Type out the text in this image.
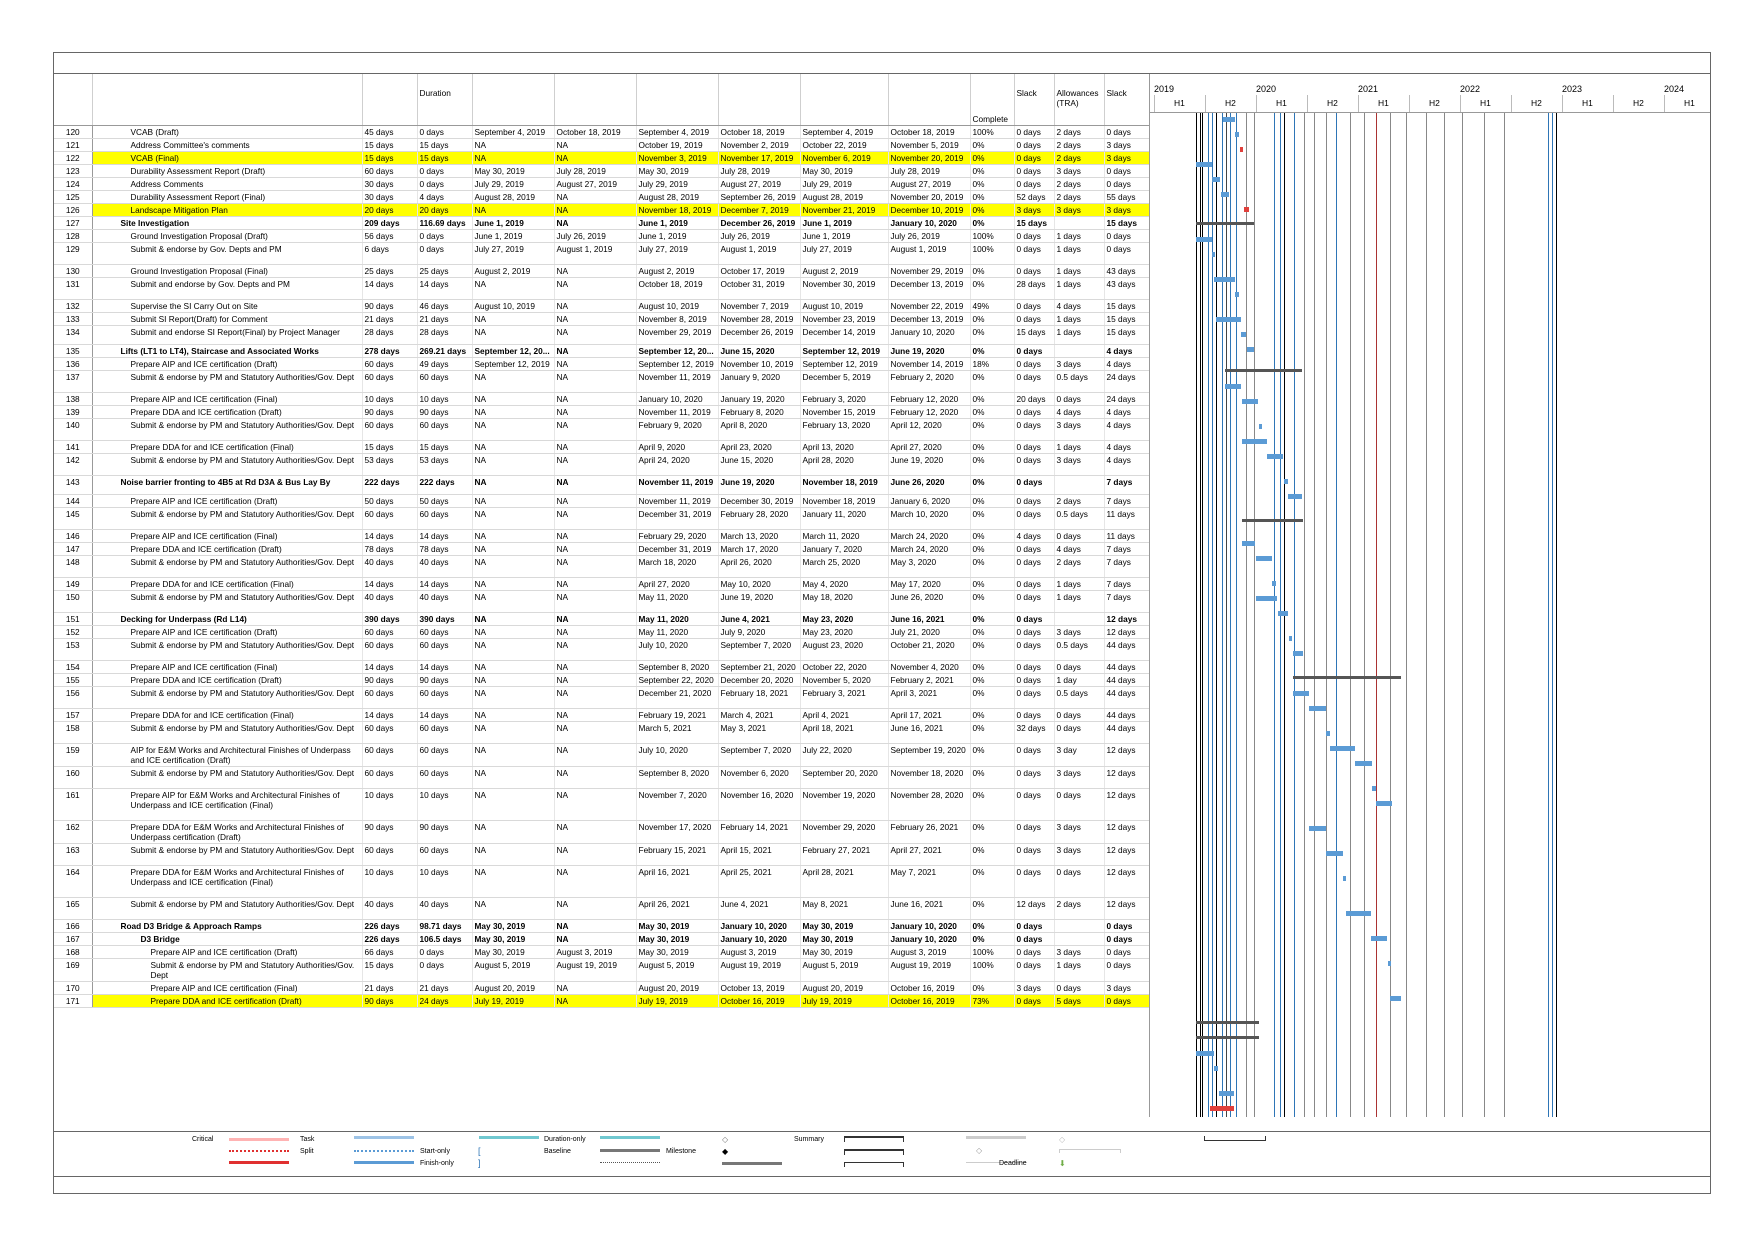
			Duration							Complete	Slack	Allowances (TRA)	Slack
120	VCAB (Draft)	45 days	0 days	September 4, 2019	October 18, 2019	September 4, 2019	October 18, 2019	September 4, 2019	October 18, 2019	100%	0 days	2 days	0 days
121	Address Committee's comments	15 days	15 days	NA	NA	October 19, 2019	November 2, 2019	October 22, 2019	November 5, 2019	0%	0 days	2 days	3 days
122	VCAB (Final)	15 days	15 days	NA	NA	November 3, 2019	November 17, 2019	November 6, 2019	November 20, 2019	0%	0 days	2 days	3 days
123	Durability Assessment Report (Draft)	60 days	0 days	May 30, 2019	July 28, 2019	May 30, 2019	July 28, 2019	May 30, 2019	July 28, 2019	0%	0 days	3 days	0 days
124	Address Comments	30 days	0 days	July 29, 2019	August 27, 2019	July 29, 2019	August 27, 2019	July 29, 2019	August 27, 2019	0%	0 days	2 days	0 days
125	Durability Assessment Report (Final)	30 days	4 days	August 28, 2019	NA	August 28, 2019	September 26, 2019	August 28, 2019	November 20, 2019	0%	52 days	2 days	55 days
126	Landscape Mitigation Plan	20 days	20 days	NA	NA	November 18, 2019	December 7, 2019	November 21, 2019	December 10, 2019	0%	3 days	3 days	3 days
127	Site Investigation	209 days	116.69 days	June 1, 2019	NA	June 1, 2019	December 26, 2019	June 1, 2019	January 10, 2020	0%	15 days		15 days
128	Ground Investigation Proposal (Draft)	56 days	0 days	June 1, 2019	July 26, 2019	June 1, 2019	July 26, 2019	June 1, 2019	July 26, 2019	100%	0 days	1 days	0 days
129	Submit & endorse by Gov. Depts and PM	6 days	0 days	July 27, 2019	August 1, 2019	July 27, 2019	August 1, 2019	July 27, 2019	August 1, 2019	100%	0 days	1 days	0 days
130	Ground Investigation Proposal (Final)	25 days	25 days	August 2, 2019	NA	August 2, 2019	October 17, 2019	August 2, 2019	November 29, 2019	0%	0 days	1 days	43 days
131	Submit and endorse by Gov. Depts and PM	14 days	14 days	NA	NA	October 18, 2019	October 31, 2019	November 30, 2019	December 13, 2019	0%	28 days	1 days	43 days
132	Supervise the SI Carry Out on Site	90 days	46 days	August 10, 2019	NA	August 10, 2019	November 7, 2019	August 10, 2019	November 22, 2019	49%	0 days	4 days	15 days
133	Submit SI Report(Draft) for Comment	21 days	21 days	NA	NA	November 8, 2019	November 28, 2019	November 23, 2019	December 13, 2019	0%	0 days	1 days	15 days
134	Submit and endorse SI Report(Final) by Project Manager	28 days	28 days	NA	NA	November 29, 2019	December 26, 2019	December 14, 2019	January 10, 2020	0%	15 days	1 days	15 days
135	Lifts (LT1 to LT4), Staircase and Associated Works	278 days	269.21 days	September 12, 20...	NA	September 12, 20...	June 15, 2020	September 12, 2019	June 19, 2020	0%	0 days		4 days
136	Prepare AIP and ICE certification (Draft)	60 days	49 days	September 12, 2019	NA	September 12, 2019	November 10, 2019	September 12, 2019	November 14, 2019	18%	0 days	3 days	4 days
137	Submit & endorse by PM and Statutory Authorities/Gov. Dept	60 days	60 days	NA	NA	November 11, 2019	January 9, 2020	December 5, 2019	February 2, 2020	0%	0 days	0.5 days	24 days
138	Prepare AIP and ICE certification (Final)	10 days	10 days	NA	NA	January 10, 2020	January 19, 2020	February 3, 2020	February 12, 2020	0%	20 days	0 days	24 days
139	Prepare DDA and ICE certification (Draft)	90 days	90 days	NA	NA	November 11, 2019	February 8, 2020	November 15, 2019	February 12, 2020	0%	0 days	4 days	4 days
140	Submit & endorse by PM and Statutory Authorities/Gov. Dept	60 days	60 days	NA	NA	February 9, 2020	April 8, 2020	February 13, 2020	April 12, 2020	0%	0 days	3 days	4 days
141	Prepare DDA for and ICE certification (Final)	15 days	15 days	NA	NA	April 9, 2020	April 23, 2020	April 13, 2020	April 27, 2020	0%	0 days	1 days	4 days
142	Submit & endorse by PM and Statutory Authorities/Gov. Dept	53 days	53 days	NA	NA	April 24, 2020	June 15, 2020	April 28, 2020	June 19, 2020	0%	0 days	3 days	4 days
143	Noise barrier fronting to 4B5 at Rd D3A & Bus Lay By	222 days	222 days	NA	NA	November 11, 2019	June 19, 2020	November 18, 2019	June 26, 2020	0%	0 days		7 days
144	Prepare AIP and ICE certification (Draft)	50 days	50 days	NA	NA	November 11, 2019	December 30, 2019	November 18, 2019	January 6, 2020	0%	0 days	2 days	7 days
145	Submit & endorse by PM and Statutory Authorities/Gov. Dept	60 days	60 days	NA	NA	December 31, 2019	February 28, 2020	January 11, 2020	March 10, 2020	0%	0 days	0.5 days	11 days
146	Prepare AIP and ICE certification (Final)	14 days	14 days	NA	NA	February 29, 2020	March 13, 2020	March 11, 2020	March 24, 2020	0%	4 days	0 days	11 days
147	Prepare DDA and ICE certification (Draft)	78 days	78 days	NA	NA	December 31, 2019	March 17, 2020	January 7, 2020	March 24, 2020	0%	0 days	4 days	7 days
148	Submit & endorse by PM and Statutory Authorities/Gov. Dept	40 days	40 days	NA	NA	March 18, 2020	April 26, 2020	March 25, 2020	May 3, 2020	0%	0 days	2 days	7 days
149	Prepare DDA for and ICE certification (Final)	14 days	14 days	NA	NA	April 27, 2020	May 10, 2020	May 4, 2020	May 17, 2020	0%	0 days	1 days	7 days
150	Submit & endorse by PM and Statutory Authorities/Gov. Dept	40 days	40 days	NA	NA	May 11, 2020	June 19, 2020	May 18, 2020	June 26, 2020	0%	0 days	1 days	7 days
151	Decking for Underpass (Rd L14)	390 days	390 days	NA	NA	May 11, 2020	June 4, 2021	May 23, 2020	June 16, 2021	0%	0 days		12 days
152	Prepare AIP and ICE certification (Draft)	60 days	60 days	NA	NA	May 11, 2020	July 9, 2020	May 23, 2020	July 21, 2020	0%	0 days	3 days	12 days
153	Submit & endorse by PM and Statutory Authorities/Gov. Dept	60 days	60 days	NA	NA	July 10, 2020	September 7, 2020	August 23, 2020	October 21, 2020	0%	0 days	0.5 days	44 days
154	Prepare AIP and ICE certification (Final)	14 days	14 days	NA	NA	September 8, 2020	September 21, 2020	October 22, 2020	November 4, 2020	0%	0 days	0 days	44 days
155	Prepare DDA and ICE certification (Draft)	90 days	90 days	NA	NA	September 22, 2020	December 20, 2020	November 5, 2020	February 2, 2021	0%	0 days	1 day	44 days
156	Submit & endorse by PM and Statutory Authorities/Gov. Dept	60 days	60 days	NA	NA	December 21, 2020	February 18, 2021	February 3, 2021	April 3, 2021	0%	0 days	0.5 days	44 days
157	Prepare DDA for and ICE certification (Final)	14 days	14 days	NA	NA	February 19, 2021	March 4, 2021	April 4, 2021	April 17, 2021	0%	0 days	0 days	44 days
158	Submit & endorse by PM and Statutory Authorities/Gov. Dept	60 days	60 days	NA	NA	March 5, 2021	May 3, 2021	April 18, 2021	June 16, 2021	0%	32 days	0 days	44 days
159	AIP for E&M Works and Architectural Finishes of Underpass and ICE certification (Draft)	60 days	60 days	NA	NA	July 10, 2020	September 7, 2020	July 22, 2020	September 19, 2020	0%	0 days	3 day	12 days
160	Submit & endorse by PM and Statutory Authorities/Gov. Dept	60 days	60 days	NA	NA	September 8, 2020	November 6, 2020	September 20, 2020	November 18, 2020	0%	0 days	3 days	12 days
161	Prepare AIP for E&M Works and Architectural Finishes of Underpass and ICE certification (Final)	10 days	10 days	NA	NA	November 7, 2020	November 16, 2020	November 19, 2020	November 28, 2020	0%	0 days	0 days	12 days
162	Prepare DDA for E&M Works and Architectural Finishes of Underpass certification (Draft)	90 days	90 days	NA	NA	November 17, 2020	February 14, 2021	November 29, 2020	February 26, 2021	0%	0 days	3 days	12 days
163	Submit & endorse by PM and Statutory Authorities/Gov. Dept	60 days	60 days	NA	NA	February 15, 2021	April 15, 2021	February 27, 2021	April 27, 2021	0%	0 days	3 days	12 days
164	Prepare DDA for E&M Works and Architectural Finishes of Underpass and ICE certification (Final)	10 days	10 days	NA	NA	April 16, 2021	April 25, 2021	April 28, 2021	May 7, 2021	0%	0 days	0 days	12 days
165	Submit & endorse by PM and Statutory Authorities/Gov. Dept	40 days	40 days	NA	NA	April 26, 2021	June 4, 2021	May 8, 2021	June 16, 2021	0%	12 days	2 days	12 days
166	Road D3 Bridge & Approach Ramps	226 days	98.71 days	May 30, 2019	NA	May 30, 2019	January 10, 2020	May 30, 2019	January 10, 2020	0%	0 days		0 days
167	D3 Bridge	226 days	106.5 days	May 30, 2019	NA	May 30, 2019	January 10, 2020	May 30, 2019	January 10, 2020	0%	0 days		0 days
168	Prepare AIP and ICE certification (Draft)	66 days	0 days	May 30, 2019	August 3, 2019	May 30, 2019	August 3, 2019	May 30, 2019	August 3, 2019	100%	0 days	3 days	0 days
169	Submit & endorse by PM and Statutory Authorities/Gov. Dept	15 days	0 days	August 5, 2019	August 19, 2019	August 5, 2019	August 19, 2019	August 5, 2019	August 19, 2019	100%	0 days	1 days	0 days
170	Prepare AIP and ICE certification (Final)	21 days	21 days	August 20, 2019	NA	August 20, 2019	October 13, 2019	August 20, 2019	October 16, 2019	0%	3 days	0 days	3 days
171	Prepare DDA and ICE certification (Draft)	90 days	24 days	July 19, 2019	NA	July 19, 2019	October 16, 2019	July 19, 2019	October 16, 2019	73%	0 days	5 days	0 days
2019	2020	2021	2022	2023	2024
H1	H2	H1	H2	H1	H2	H1	H2	H1	H2	H1
Critical	Task
Split	Start-only
Finish-only
[
]
Duration-only
Baseline	Milestone
◇
◆
Summary
◇
Deadline
◇
⬇
